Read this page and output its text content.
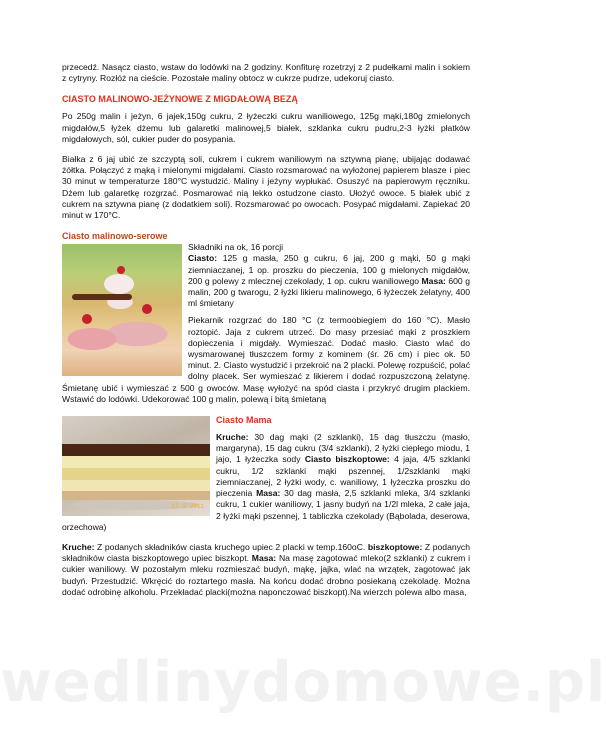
przecedź. Nasącz ciasto, wstaw do lodówki na 2 godziny. Konfiturę rozetrzyj z 2 pudełkami malin i sokiem z cytryny. Rozłóż na cieście. Pozostałe maliny obtocz w cukrze pudrze, udekoruj ciasto.

CIASTO MALINOWO-JEŻYNOWE Z MIGDAŁOWĄ BEZĄ

Po 250g malin i jeżyn, 6 jajek,150g cukru, 2 łyżeczki cukru waniliowego, 125g mąki,180g zmielonych migdałów,5 łyżek dżemu lub galaretki malinowej,5 białek, szklanka cukru pudru,2-3 łyżki płatków migdałowych, sól, cukier puder do posypania.

Białka z 6 jaj ubić ze szczyptą soli, cukrem i cukrem waniliowym na sztywną pianę, ubijając dodawać żółtka. Połączyć z mąką i mielonymi migdałami. Ciasto rozsmarować na wyłożonej papierem blasze i piec 30 minut w temperaturze 180°C wystudzić. Maliny i jeżyny wypłukać. Osuszyć na papierowym ręczniku. Dżem lub galaretkę rozgrzać. Posmarować nią lekko ostudzone ciasto. Ułożyć owoce. 5 białek ubić z cukrem na sztywna pianę (z dodatkiem soli). Rozsmarować po owocach. Posypać migdałami. Zapiekać 20 minut w 170°C.

Ciasto malinowo-serowe

Składniki na ok, 16 porcji

Ciasto: 125 g masła, 250 g cukru, 6 jaj, 200 g mąki, 50 g mąki ziemniaczanej, 1 op. proszku do pieczenia, 100 g mielonych migdałów, 200 g polewy z mlecznej czekolady, 1 op. cukru waniliowego Masa: 600 g malin, 200 g twarogu, 2 łyżki likieru malinowego, 6 łyżeczek żelatyny, 400 ml śmietany

Piekarnik rozgrzać do 180 °C (z termoobiegiem do 160 °C). Masło roztopić. Jaja z cukrem utrzeć. Do masy przesiać mąki z proszkiem dopieczenia i migdały. Wymieszać. Dodać masło. Ciasto wlać do wysmarowanej tłuszczem formy z kominem (śr. 26 cm) i piec ok. 50 minut. 2. Ciasto wystudzić i przekroić na 2 placki. Polewę rozpuścić, polać dolny placek. Ser wymieszać z likierem i dodać rozpuszczoną żelatynę. Śmietanę ubić i wymieszać z 500 g owoców. Masę wyłożyć na spód ciasta i przykryć drugim plackiem. Wstawić do lodówki. Udekorować 100 g malin, polewą i bitą śmietaną

17 3 2011

Ciasto Mama

Kruche: 30 dag mąki (2 szklanki), 15 dag tłuszczu (masło, margaryna), 15 dag cukru (3/4 szklanki), 2 łyżki ciepłego miodu, 1 jajo, 1 łyżeczka sody Ciasto biszkoptowe: 4 jaja, 4/5 szklanki cukru, 1/2 szklanki mąki pszennej, 1/2szklanki mąki ziemniaczanej, 2 łyżki wody, c. waniliowy, 1 łyżeczka proszku do pieczenia Masa: 30 dag masła, 2,5 szklanki mleka, 3/4 szklanki cukru, 1 cukier waniliowy, 1 jasny budyń na 1/2l mleka, 2 całe jaja, 2 łyżki mąki pszennej, 1 tabliczka czekolady (Bąbolada, deserowa, orzechowa)

Kruche: Z podanych składników ciasta kruchego upiec 2 placki w temp.160oC. biszkoptowe: Z podanych składników ciasta biszkoptowego upiec biszkopt. Masa: Na masę zagotować mleko(2 szklanki) z cukrem i cukier waniliowy. W pozostałym mleku rozmieszać budyń, mąkę, jajka, wlać na wrzątek, zagotować jak budyń. Przestudzić. Wkręcić do roztartego masła. Na końcu dodać drobno posiekaną czekoladę. Można dodać odrobinę alkoholu. Przekładać placki(można naponczować biszkopt).Na wierzch polewa albo masa,

wedlinydomowe.pl
